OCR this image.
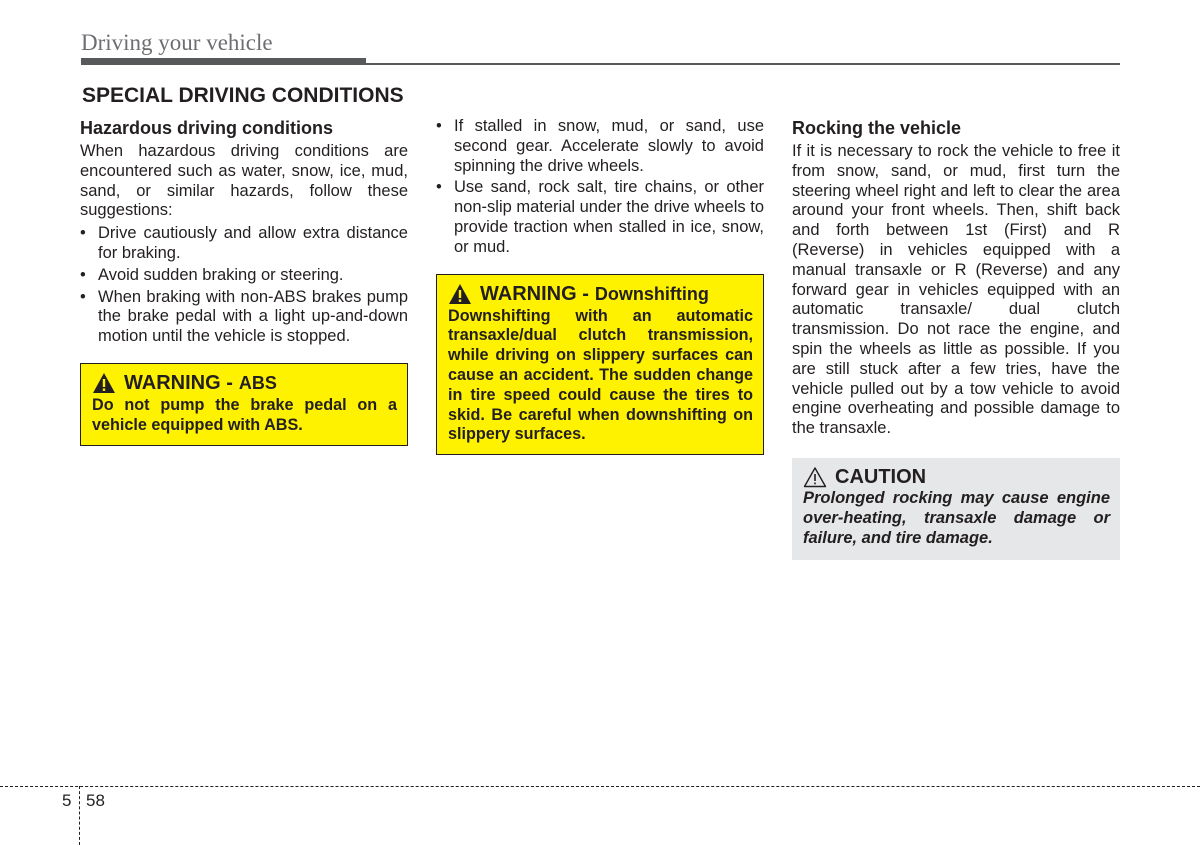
Driving your vehicle
SPECIAL DRIVING CONDITIONS
Hazardous driving conditions

When hazardous driving conditions are encountered such as water, snow, ice, mud, sand, or similar hazards, follow these suggestions:

• Drive cautiously and allow extra distance for braking.
• Avoid sudden braking or steering.
• When braking with non-ABS brakes pump the brake pedal with a light up-and-down motion until the vehicle is stopped.
WARNING - ABS

Do not pump the brake pedal on a vehicle equipped with ABS.

• If stalled in snow, mud, or sand, use second gear. Accelerate slowly to avoid spinning the drive wheels.
• Use sand, rock salt, tire chains, or other non-slip material under the drive wheels to provide traction when stalled in ice, snow, or mud.
WARNING - Downshifting

Downshifting with an automatic transaxle/dual clutch transmission, while driving on slippery surfaces can cause an accident. The sudden change in tire speed could cause the tires to skid. Be careful when downshifting on slippery surfaces.

Rocking the vehicle

If it is necessary to rock the vehicle to free it from snow, sand, or mud, first turn the steering wheel right and left to clear the area around your front wheels. Then, shift back and forth between 1st (First) and R (Reverse) in vehicles equipped with a manual transaxle or R (Reverse) and any forward gear in vehicles equipped with an automatic transaxle/ dual clutch transmission. Do not race the engine, and spin the wheels as little as possible. If you are still stuck after a few tries, have the vehicle pulled out by a tow vehicle to avoid engine overheating and possible damage to the transaxle.

CAUTION

Prolonged rocking may cause engine over-heating, transaxle damage or failure, and tire damage.

5 58
